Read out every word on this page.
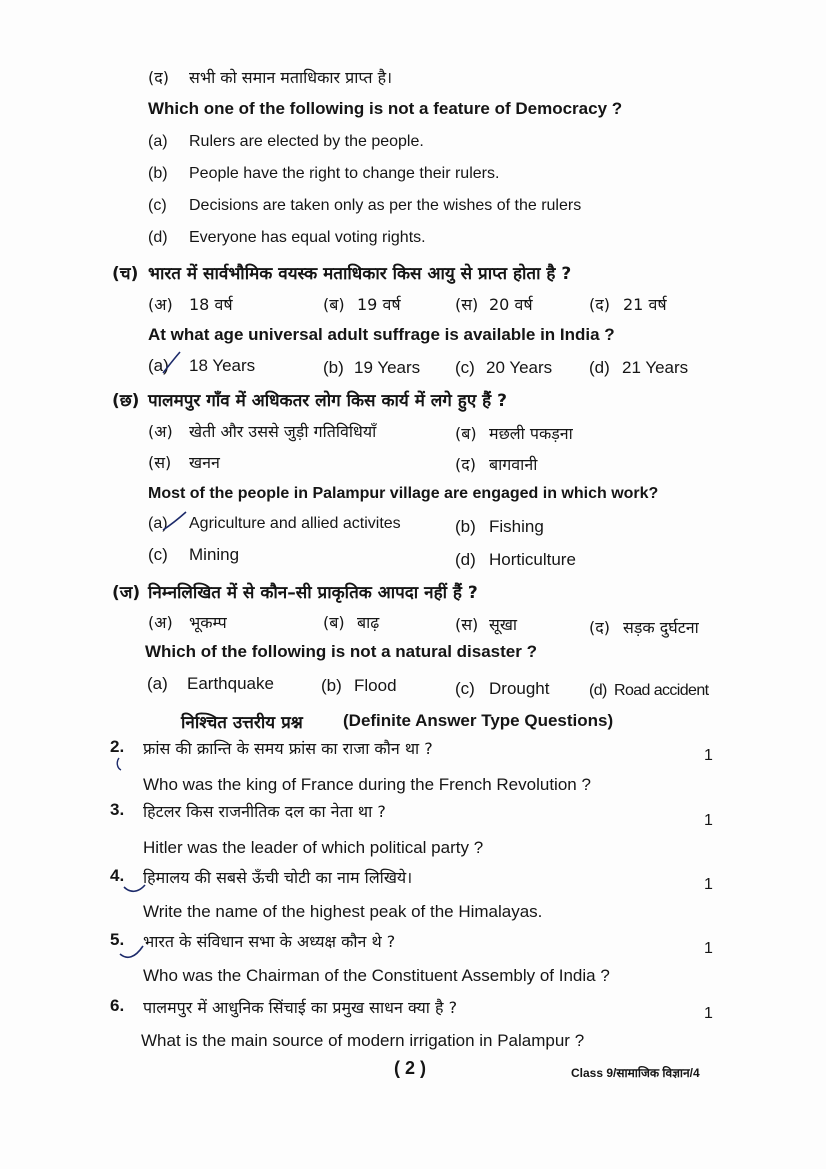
(द) सभी को समान मताधिकार प्राप्त है।
Which one of the following is not a feature of Democracy ?
(a) Rulers are elected by the people.
(b) People have the right to change their rulers.
(c) Decisions are taken only as per the wishes of the rulers
(d) Everyone has equal voting rights.
(च) भारत में सार्वभौमिक वयस्क मताधिकार किस आयु से प्राप्त होता है ?
(अ) 18 वर्ष	(ब) 19 वर्ष	(स) 20 वर्ष	(द) 21 वर्ष
At what age universal adult suffrage is available in India ?
(a) 18 Years	(b) 19 Years (c) 20 Years (d) 21 Years
(छ) पालमपुर गाँव में अधिकतर लोग किस कार्य में लगे हुए हैं ?
(अ) खेती और उससे जुड़ी गतिविधियाँ	(ब) मछली पकड़ना
(स) खनन	(द) बागवानी
Most of the people in Palampur village are engaged in which work?
(a) Agriculture and allied activites	(b) Fishing
(c) Mining	(d) Horticulture
(ज) निम्नलिखित में से कौन–सी प्राकृतिक आपदा नहीं हैं ?
(अ) भूकम्प	(ब) बाढ़	(स) सूखा	(द) सड़क दुर्घटना
Which of the following is not a natural disaster ?
(a) Earthquake	(b) Flood	(c) Drought (d) Road accident
निश्चित उत्तरीय प्रश्न (Definite Answer Type Questions)
2. फ्रांस की क्रान्ति के समय फ्रांस का राजा कौन था ?	1
Who was the king of France during the French Revolution ?
3. हिटलर किस राजनीतिक दल का नेता था ?	1
Hitler was the leader of which political party ?
4. हिमालय की सबसे ऊँची चोटी का नाम लिखिये।	1
Write the name of the highest peak of the Himalayas.
5. भारत के संविधान सभा के अध्यक्ष कौन थे ?	1
Who was the Chairman of the Constituent Assembly of India ?
6. पालमपुर में आधुनिक सिंचाई का प्रमुख साधन क्या है ?	1
What is the main source of modern irrigation in Palampur ?
( 2 )	Class 9/सामाजिक विज्ञान/4
